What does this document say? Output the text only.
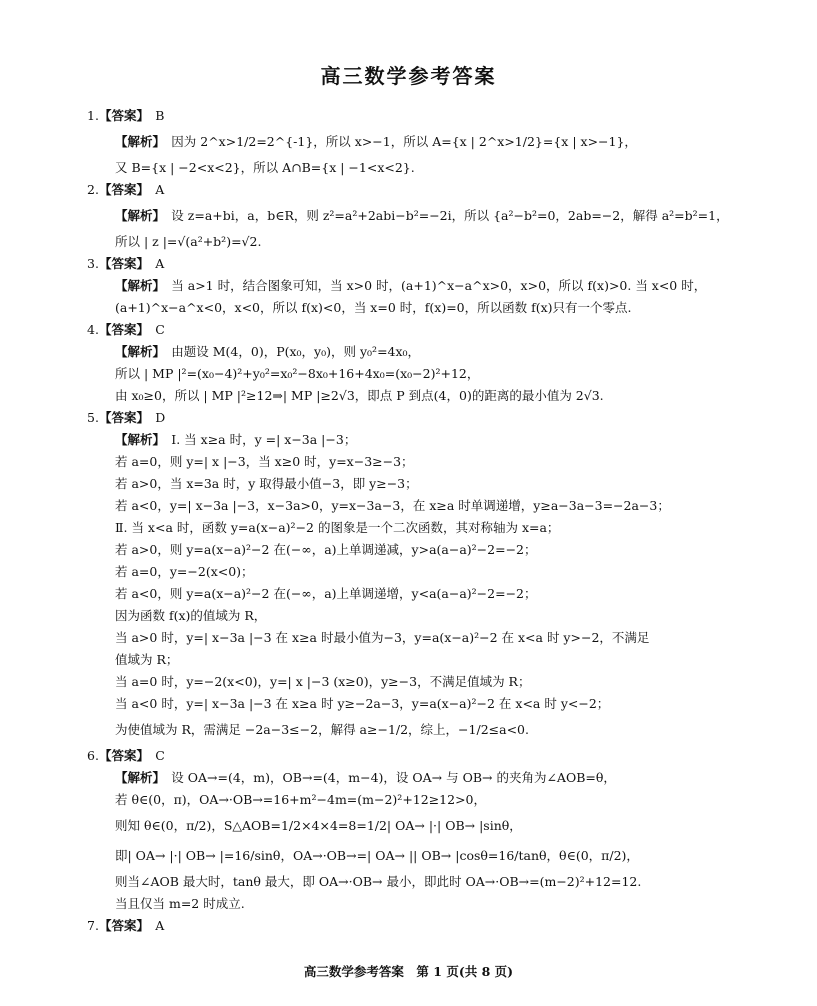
高三数学参考答案
1.【答案】　 B
【解析】　 因为 2^x>1/2=2^{-1}，所以 x>−1，所以 A={x | 2^x>1/2}={x | x>−1}，
又 B={x | −2<x<2}，所以 A∩B={x | −1<x<2}.
2.【答案】　 A
【解析】　 设 z=a+bi，a，b∈R，则 z²=a²+2abi−b²=−2i，所以 {a²−b²=0，2ab=−2，解得 a²=b²=1，
所以 | z |=√(a²+b²)=√2.
3.【答案】　 A
【解析】　 当 a>1 时，结合图象可知，当 x>0 时，(a+1)^x−a^x>0，x>0，所以 f(x)>0. 当 x<0 时，
(a+1)^x−a^x<0，x<0，所以 f(x)<0，当 x=0 时，f(x)=0，所以函数 f(x)只有一个零点.
4.【答案】　 C
【解析】　 由题设 M(4，0)，P(x₀，y₀)，则 y₀²=4x₀，
所以 | MP |²=(x₀−4)²+y₀²=x₀²−8x₀+16+4x₀=(x₀−2)²+12，
由 x₀≥0，所以 | MP |²≥12⇒| MP |≥2√3，即点 P 到点(4，0)的距离的最小值为 2√3.
5.【答案】　 D
【解析】　 Ⅰ. 当 x≥a 时，y =| x−3a |−3；
若 a=0，则 y=| x |−3，当 x≥0 时，y=x−3≥−3；
若 a>0，当 x=3a 时，y 取得最小值−3，即 y≥−3；
若 a<0，y=| x−3a |−3，x−3a>0，y=x−3a−3，在 x≥a 时单调递增，y≥a−3a−3=−2a−3；
Ⅱ. 当 x<a 时，函数 y=a(x−a)²−2 的图象是一个二次函数，其对称轴为 x=a；
若 a>0，则 y=a(x−a)²−2 在(−∞，a)上单调递减，y>a(a−a)²−2=−2；
若 a=0，y=−2(x<0)；
若 a<0，则 y=a(x−a)²−2 在(−∞，a)上单调递增，y<a(a−a)²−2=−2；
因为函数 f(x)的值域为 R，
当 a>0 时，y=| x−3a |−3 在 x≥a 时最小值为−3，y=a(x−a)²−2 在 x<a 时 y>−2，不满足
值域为 R；
当 a=0 时，y=−2(x<0)，y=| x |−3 (x≥0)，y≥−3，不满足值域为 R；
当 a<0 时，y=| x−3a |−3 在 x≥a 时 y≥−2a−3，y=a(x−a)²−2 在 x<a 时 y<−2；
为使值域为 R，需满足 −2a−3≤−2，解得 a≥−1/2，综上，−1/2≤a<0.
6.【答案】　 C
【解析】　 设 OA→=(4，m)，OB→=(4，m−4)，设 OA→ 与 OB→ 的夹角为∠AOB=θ，
若 θ∈(0，π)，OA→·OB→=16+m²−4m=(m−2)²+12≥12>0，
则知 θ∈(0，π/2)，S△AOB=1/2×4×4=8=1/2| OA→ |·| OB→ |sinθ，
即| OA→ |·| OB→ |=16/sinθ，OA→·OB→=| OA→ || OB→ |cosθ=16/tanθ，θ∈(0，π/2)，
则当∠AOB 最大时，tanθ 最大，即 OA→·OB→ 最小，即此时 OA→·OB→=(m−2)²+12=12.
当且仅当 m=2 时成立.
7.【答案】　 A
高三数学参考答案　第 1 页(共 8 页)
